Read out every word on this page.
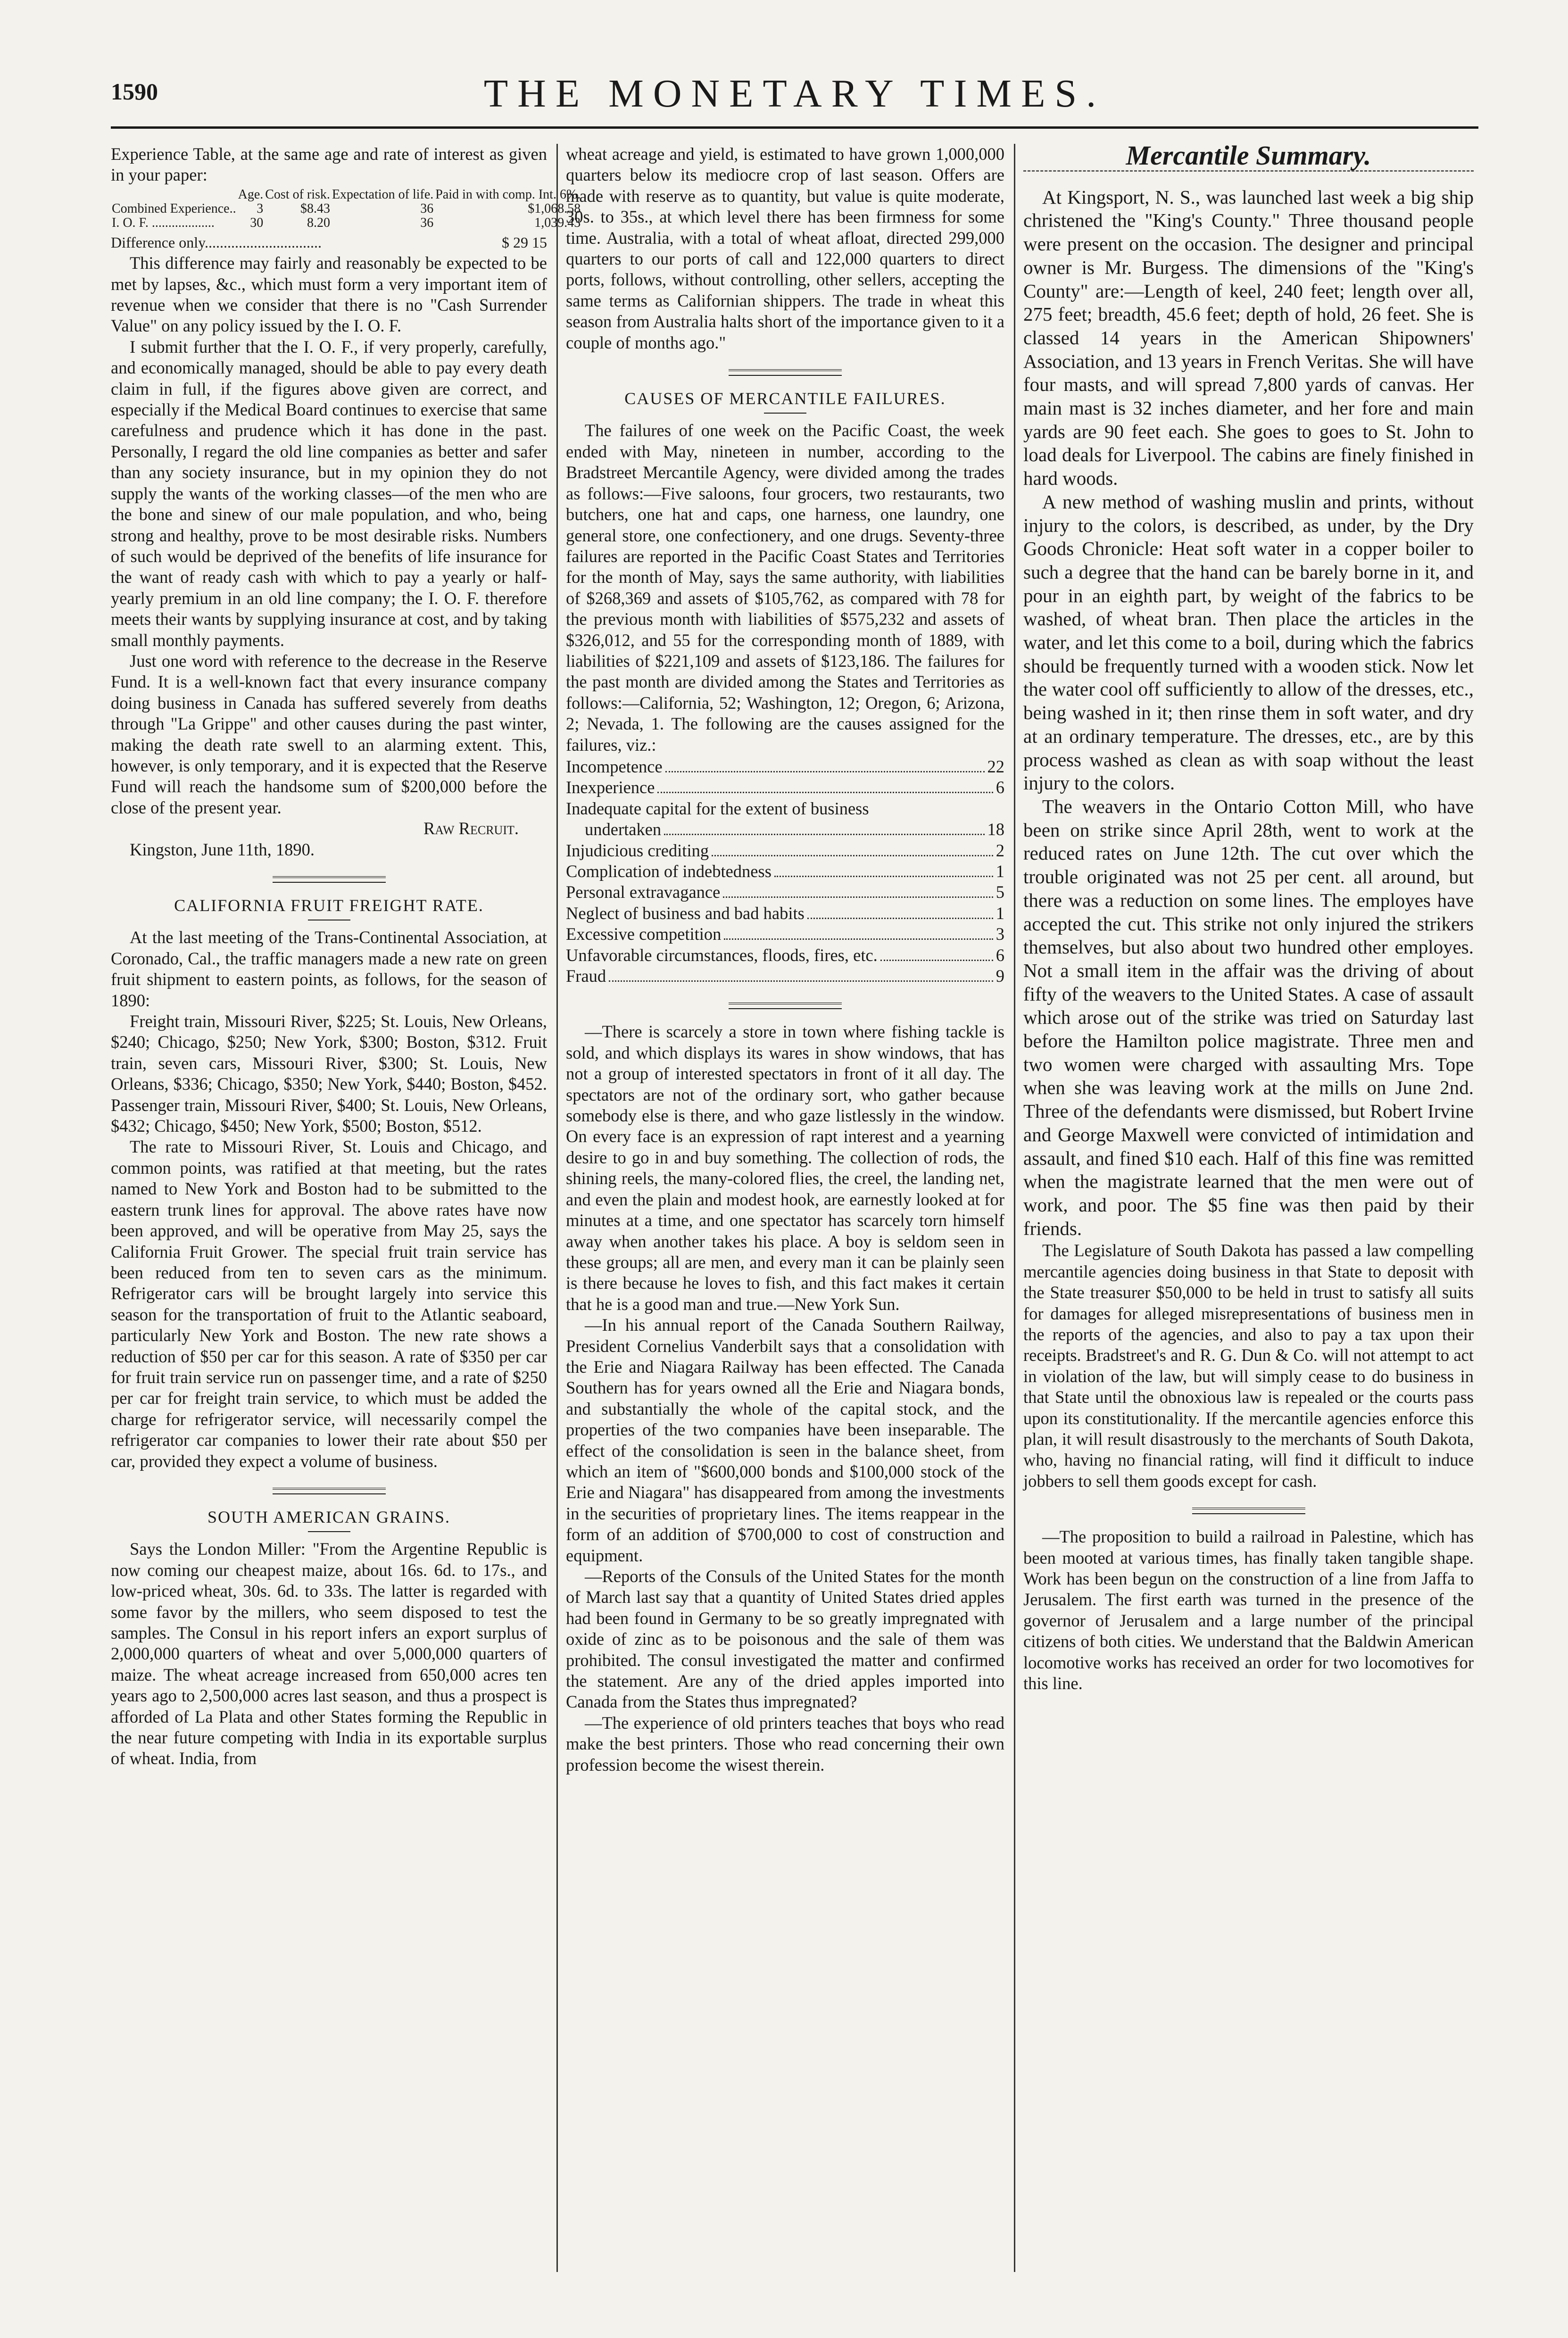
1590	THE MONETARY TIMES.

Experience Table, at the same age and rate of interest as given in your paper:

	Age.	Cost of risk.	Expectation of life.	Paid in with comp. Int. 6%.
Combined Experience..	3	$8.43	36	$1,068.58
I. O. F. ...................	30	8.20	36	1,039.43
Difference only...............................	$ 29 15

This difference may fairly and reasonably be expected to be met by lapses, &c., which must form a very important item of revenue when we consider that there is no "Cash Surrender Value" on any policy issued by the I. O. F.

I submit further that the I. O. F., if very properly, carefully, and economically managed, should be able to pay every death claim in full, if the figures above given are correct, and especially if the Medical Board continues to exercise that same carefulness and prudence which it has done in the past. Personally, I regard the old line companies as better and safer than any society insurance, but in my opinion they do not supply the wants of the working classes—of the men who are the bone and sinew of our male population, and who, being strong and healthy, prove to be most desirable risks. Numbers of such would be deprived of the benefits of life insurance for the want of ready cash with which to pay a yearly or half-yearly premium in an old line company; the I. O. F. therefore meets their wants by supplying insurance at cost, and by taking small monthly payments.

Just one word with reference to the decrease in the Reserve Fund. It is a well-known fact that every insurance company doing business in Canada has suffered severely from deaths through "La Grippe" and other causes during the past winter, making the death rate swell to an alarming extent. This, however, is only temporary, and it is expected that the Reserve Fund will reach the handsome sum of $200,000 before the close of the present year.

Raw Recruit.
Kingston, June 11th, 1890.
CALIFORNIA FRUIT FREIGHT RATE.

At the last meeting of the Trans-Continental Association, at Coronado, Cal., the traffic managers made a new rate on green fruit shipment to eastern points, as follows, for the season of 1890:

Freight train, Missouri River, $225; St. Louis, New Orleans, $240; Chicago, $250; New York, $300; Boston, $312. Fruit train, seven cars, Missouri River, $300; St. Louis, New Orleans, $336; Chicago, $350; New York, $440; Boston, $452. Passenger train, Missouri River, $400; St. Louis, New Orleans, $432; Chicago, $450; New York, $500; Boston, $512.

The rate to Missouri River, St. Louis and Chicago, and common points, was ratified at that meeting, but the rates named to New York and Boston had to be submitted to the eastern trunk lines for approval. The above rates have now been approved, and will be operative from May 25, says the California Fruit Grower. The special fruit train service has been reduced from ten to seven cars as the minimum. Refrigerator cars will be brought largely into service this season for the transportation of fruit to the Atlantic seaboard, particularly New York and Boston. The new rate shows a reduction of $50 per car for this season. A rate of $350 per car for fruit train service run on passenger time, and a rate of $250 per car for freight train service, to which must be added the charge for refrigerator service, will necessarily compel the refrigerator car companies to lower their rate about $50 per car, provided they expect a volume of business.

SOUTH AMERICAN GRAINS.

Says the London Miller: "From the Argentine Republic is now coming our cheapest maize, about 16s. 6d. to 17s., and low-priced wheat, 30s. 6d. to 33s. The latter is regarded with some favor by the millers, who seem disposed to test the samples. The Consul in his report infers an export surplus of 2,000,000 quarters of wheat and over 5,000,000 quarters of maize. The wheat acreage increased from 650,000 acres ten years ago to 2,500,000 acres last season, and thus a prospect is afforded of La Plata and other States forming the Republic in the near future competing with India in its exportable surplus of wheat. India, from

wheat acreage and yield, is estimated to have grown 1,000,000 quarters below its mediocre crop of last season. Offers are made with reserve as to quantity, but value is quite moderate, 30s. to 35s., at which level there has been firmness for some time. Australia, with a total of wheat afloat, directed 299,000 quarters to our ports of call and 122,000 quarters to direct ports, follows, without controlling, other sellers, accepting the same terms as Californian shippers. The trade in wheat this season from Australia halts short of the importance given to it a couple of months ago."

CAUSES OF MERCANTILE FAILURES.

The failures of one week on the Pacific Coast, the week ended with May, nineteen in number, according to the Bradstreet Mercantile Agency, were divided among the trades as follows:—Five saloons, four grocers, two restaurants, two butchers, one hat and caps, one harness, one laundry, one general store, one confectionery, and one drugs. Seventy-three failures are reported in the Pacific Coast States and Territories for the month of May, says the same authority, with liabilities of $268,369 and assets of $105,762, as compared with 78 for the previous month with liabilities of $575,232 and assets of $326,012, and 55 for the corresponding month of 1889, with liabilities of $221,109 and assets of $123,186. The failures for the past month are divided among the States and Territories as follows:—California, 52; Washington, 12; Oregon, 6; Arizona, 2; Nevada, 1. The following are the causes assigned for the failures, viz.:

Incompetence	22
Inexperience	6
Inadequate capital for the extent of business
undertaken	18
Injudicious crediting	2
Complication of indebtedness	1
Personal extravagance	5
Neglect of business and bad habits	1
Excessive competition	3
Unfavorable circumstances, floods, fires, etc.	6
Fraud	9

—There is scarcely a store in town where fishing tackle is sold, and which displays its wares in show windows, that has not a group of interested spectators in front of it all day. The spectators are not of the ordinary sort, who gather because somebody else is there, and who gaze listlessly in the window. On every face is an expression of rapt interest and a yearning desire to go in and buy something. The collection of rods, the shining reels, the many-colored flies, the creel, the landing net, and even the plain and modest hook, are earnestly looked at for minutes at a time, and one spectator has scarcely torn himself away when another takes his place. A boy is seldom seen in these groups; all are men, and every man it can be plainly seen is there because he loves to fish, and this fact makes it certain that he is a good man and true.—New York Sun.

—In his annual report of the Canada Southern Railway, President Cornelius Vanderbilt says that a consolidation with the Erie and Niagara Railway has been effected. The Canada Southern has for years owned all the Erie and Niagara bonds, and substantially the whole of the capital stock, and the properties of the two companies have been inseparable. The effect of the consolidation is seen in the balance sheet, from which an item of "$600,000 bonds and $100,000 stock of the Erie and Niagara" has disappeared from among the investments in the securities of proprietary lines. The items reappear in the form of an addition of $700,000 to cost of construction and equipment.

—Reports of the Consuls of the United States for the month of March last say that a quantity of United States dried apples had been found in Germany to be so greatly impregnated with oxide of zinc as to be poisonous and the sale of them was prohibited. The consul investigated the matter and confirmed the statement. Are any of the dried apples imported into Canada from the States thus impregnated?

—The experience of old printers teaches that boys who read make the best printers. Those who read concerning their own profession become the wisest therein.

Mercantile Summary.

At Kingsport, N. S., was launched last week a big ship christened the "King's County." Three thousand people were present on the occasion. The designer and principal owner is Mr. Burgess. The dimensions of the "King's County" are:—Length of keel, 240 feet; length over all, 275 feet; breadth, 45.6 feet; depth of hold, 26 feet. She is classed 14 years in the American Shipowners' Association, and 13 years in French Veritas. She will have four masts, and will spread 7,800 yards of canvas. Her main mast is 32 inches diameter, and her fore and main yards are 90 feet each. She goes to goes to St. John to load deals for Liverpool. The cabins are finely finished in hard woods.

A new method of washing muslin and prints, without injury to the colors, is described, as under, by the Dry Goods Chronicle: Heat soft water in a copper boiler to such a degree that the hand can be barely borne in it, and pour in an eighth part, by weight of the fabrics to be washed, of wheat bran. Then place the articles in the water, and let this come to a boil, during which the fabrics should be frequently turned with a wooden stick. Now let the water cool off sufficiently to allow of the dresses, etc., being washed in it; then rinse them in soft water, and dry at an ordinary temperature. The dresses, etc., are by this process washed as clean as with soap without the least injury to the colors.

The weavers in the Ontario Cotton Mill, who have been on strike since April 28th, went to work at the reduced rates on June 12th. The cut over which the trouble originated was not 25 per cent. all around, but there was a reduction on some lines. The employes have accepted the cut. This strike not only injured the strikers themselves, but also about two hundred other employes. Not a small item in the affair was the driving of about fifty of the weavers to the United States. A case of assault which arose out of the strike was tried on Saturday last before the Hamilton police magistrate. Three men and two women were charged with assaulting Mrs. Tope when she was leaving work at the mills on June 2nd. Three of the defendants were dismissed, but Robert Irvine and George Maxwell were convicted of intimidation and assault, and fined $10 each. Half of this fine was remitted when the magistrate learned that the men were out of work, and poor. The $5 fine was then paid by their friends.

The Legislature of South Dakota has passed a law compelling mercantile agencies doing business in that State to deposit with the State treasurer $50,000 to be held in trust to satisfy all suits for damages for alleged misrepresentations of business men in the reports of the agencies, and also to pay a tax upon their receipts. Bradstreet's and R. G. Dun & Co. will not attempt to act in violation of the law, but will simply cease to do business in that State until the obnoxious law is repealed or the courts pass upon its constitutionality. If the mercantile agencies enforce this plan, it will result disastrously to the merchants of South Dakota, who, having no financial rating, will find it difficult to induce jobbers to sell them goods except for cash.

—The proposition to build a railroad in Palestine, which has been mooted at various times, has finally taken tangible shape. Work has been begun on the construction of a line from Jaffa to Jerusalem. The first earth was turned in the presence of the governor of Jerusalem and a large number of the principal citizens of both cities. We understand that the Baldwin American locomotive works has received an order for two locomotives for this line.
